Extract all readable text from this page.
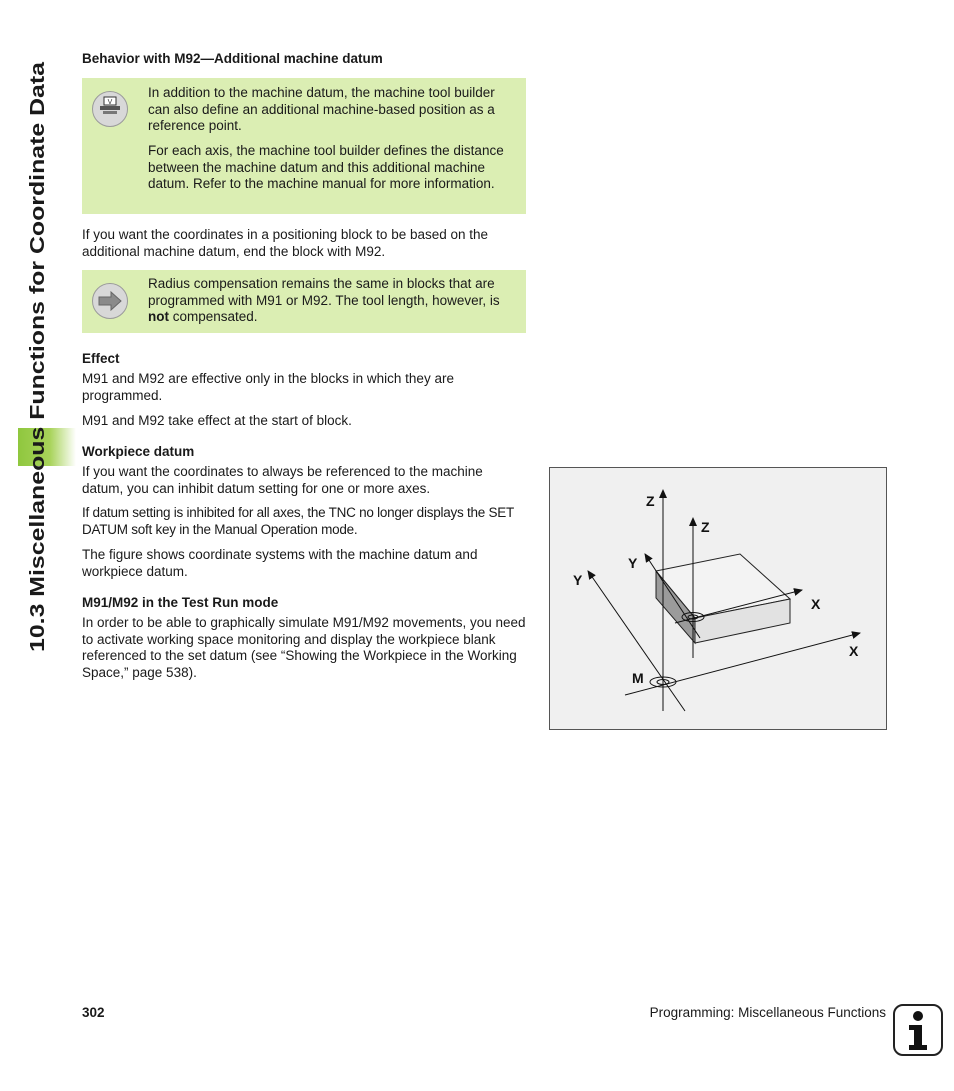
10.3 Miscellaneous Functions for Coordinate Data
Behavior with M92—Additional machine datum
V
In addition to the machine datum, the machine tool builder can also define an additional machine-based position as a reference point.
For each axis, the machine tool builder defines the distance between the machine datum and this additional machine datum. Refer to the machine manual for more information.
If you want the coordinates in a positioning block to be based on the additional machine datum, end the block with M92.
Radius compensation remains the same in blocks that are programmed with M91 or M92. The tool length, however, is not compensated.
Effect
M91 and M92 are effective only in the blocks in which they are programmed.
M91 and M92 take effect at the start of block.
Workpiece datum
If you want the coordinates to always be referenced to the machine datum, you can inhibit datum setting for one or more axes.
If datum setting is inhibited for all axes, the TNC no longer displays the SET DATUM soft key in the Manual Operation mode.
The figure shows coordinate systems with the machine datum and workpiece datum.
M91/M92 in the Test Run mode
In order to be able to graphically simulate M91/M92 movements, you need to activate working space monitoring and display the workpiece blank referenced to the set datum (see “Showing the Workpiece in the Working Space,” page 538).
Z
Y
X
M
Z
Y
X
302	Programming: Miscellaneous Functions
